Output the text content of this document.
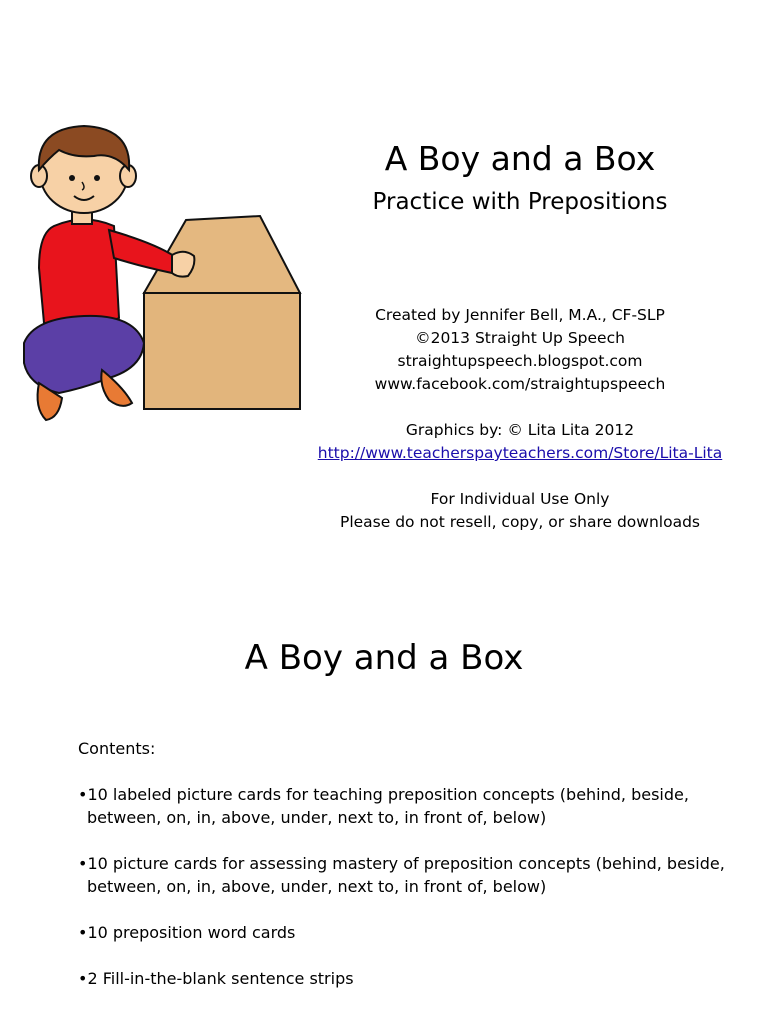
A Boy and a Box
Practice with Prepositions
Created by Jennifer Bell, M.A., CF-SLP
©2013 Straight Up Speech
straightupspeech.blogspot.com
www.facebook.com/straightupspeech
Graphics by: © Lita Lita 2012
http://www.teacherspayteachers.com/Store/Lita-Lita
For Individual Use Only
Please do not resell, copy, or share downloads
A Boy and a Box
Contents:
•10 labeled picture cards for teaching preposition concepts (behind, beside,
between, on, in, above, under, next to, in front of, below)
•10 picture cards for assessing mastery of preposition concepts (behind, beside,
between, on, in, above, under, next to, in front of, below)
•10 preposition word cards
•2 Fill-in-the-blank sentence strips
